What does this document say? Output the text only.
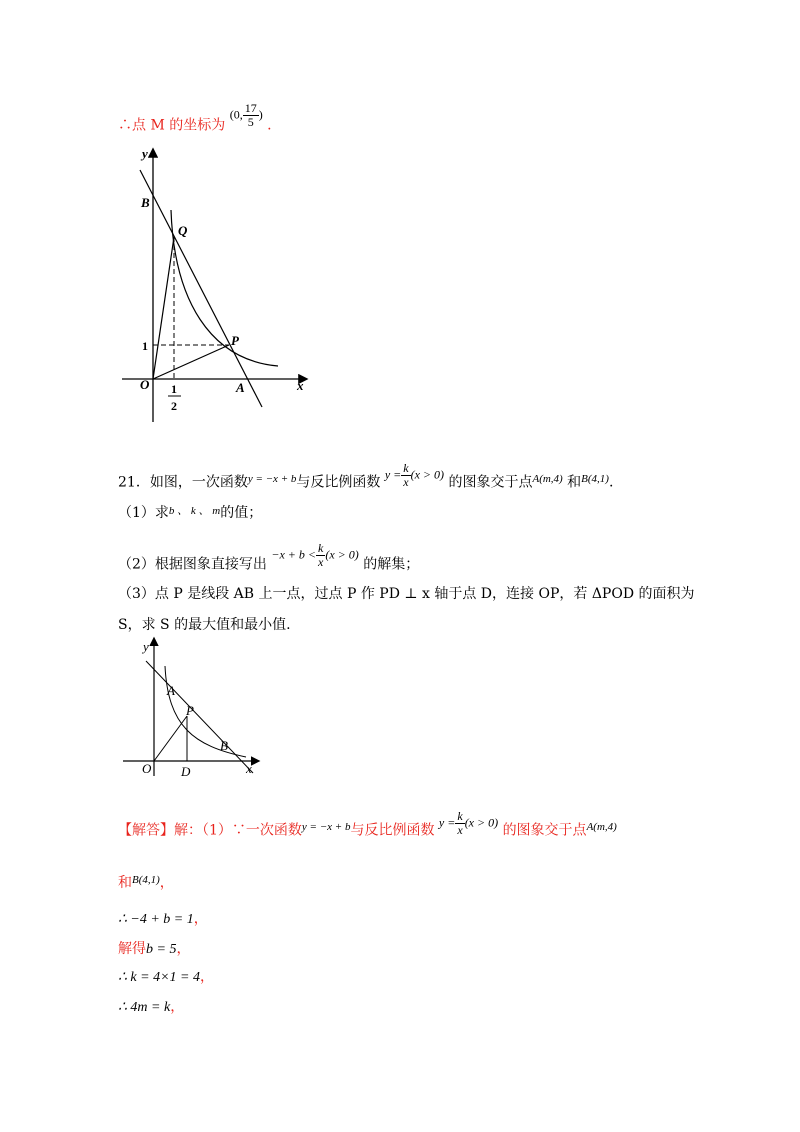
∴点 M 的坐标为 (0, $\frac{17}{5}$ ) .
y
x
B
Q
P
O	A
1
1
2
21．如图，一次函数$^{y = -x + b}$与反比例函数 $y = \frac{k}{x} (x > 0)$ 的图象交于点$^{A(m,4)}$ 和$^{B(4,1)}$.
（1）求$^{b 、 k 、 m}$的值；
（2）根据图象直接写出 $-x + b < \frac{k}{x} (x > 0)$ 的解集；
（3）点 P 是线段 AB 上一点，过点 P 作 PD ⊥ x 轴于点 D，连接 OP，若 ΔPOD 的面积为
S，求 S 的最大值和最小值.
y
x
A
P
B
O D
【解答】解：（1）∵一次函数$^{y = -x + b}$与反比例函数 $y = \frac{k}{x} (x > 0)$ 的图象交于点$^{A(m,4)}$
和$^{B(4,1)}$，
∴ −4 + b = 1，
解得b = 5，
∴ k = 4×1 = 4，
∴ 4m = k，
